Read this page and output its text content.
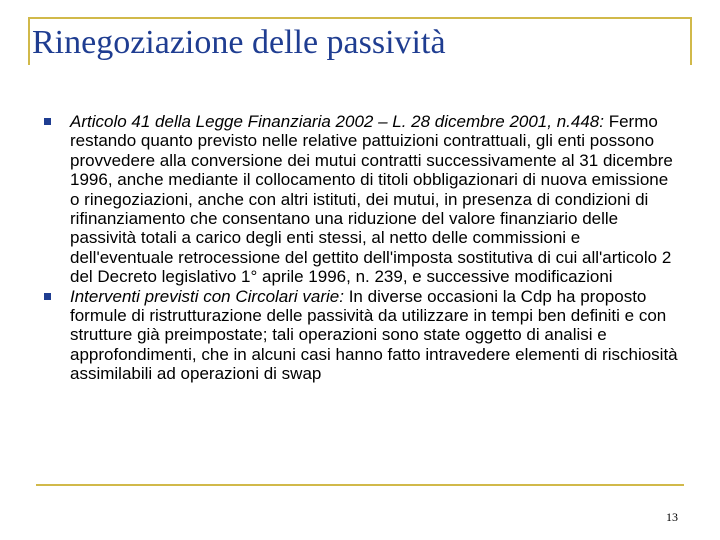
Rinegoziazione delle passività
Articolo 41 della Legge Finanziaria 2002 – L. 28 dicembre 2001, n.448: Fermo restando quanto previsto nelle relative pattuizioni contrattuali, gli enti possono provvedere alla conversione dei mutui contratti successivamente al 31 dicembre 1996, anche mediante il collocamento di titoli obbligazionari di nuova emissione o rinegoziazioni, anche con altri istituti, dei mutui, in presenza di condizioni di rifinanziamento che consentano una riduzione del valore finanziario delle passività totali a carico degli enti stessi, al netto delle commissioni e dell'eventuale retrocessione del gettito dell'imposta sostitutiva di cui all'articolo 2 del Decreto legislativo 1° aprile 1996, n. 239, e successive modificazioni
Interventi previsti con Circolari varie: In diverse occasioni la Cdp ha proposto formule di ristrutturazione delle passività da utilizzare in tempi ben definiti e con strutture già preimpostate; tali operazioni sono state oggetto di analisi e approfondimenti, che in alcuni casi hanno fatto intravedere elementi di rischiosità assimilabili ad operazioni di swap
13
